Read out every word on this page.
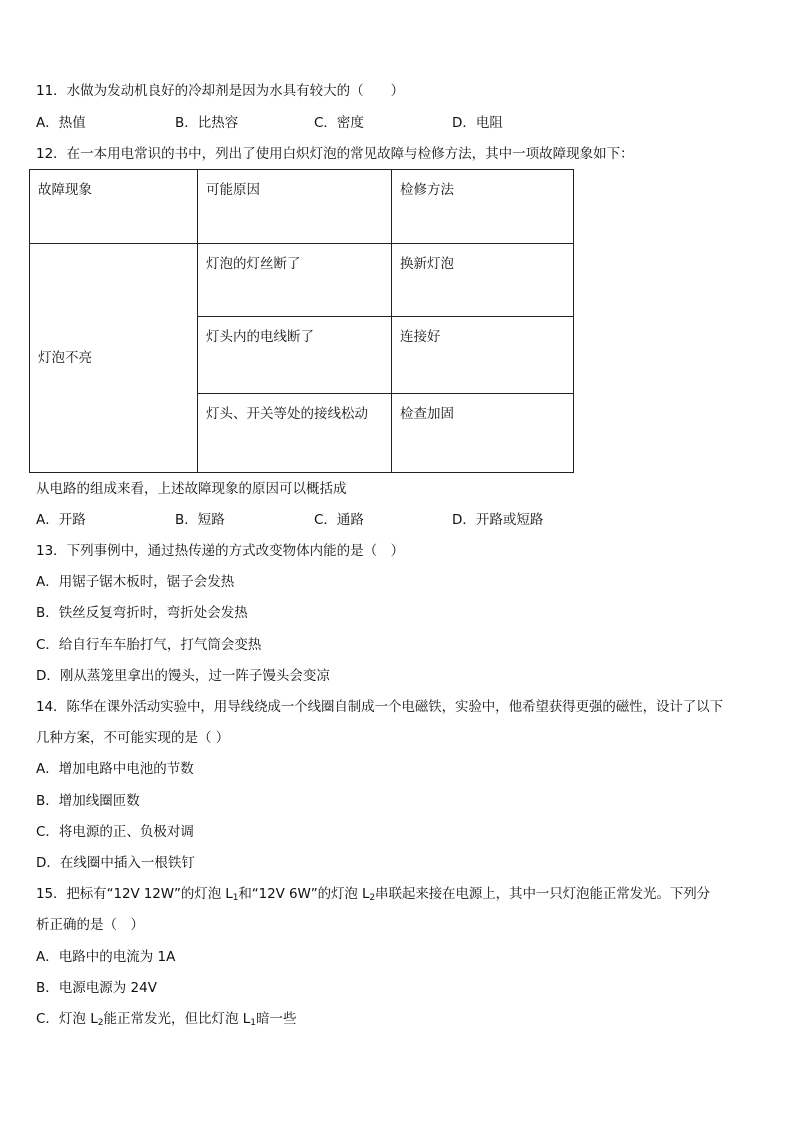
11．水做为发动机良好的冷却剂是因为水具有较大的（　　）
A．热值	B．比热容	C．密度	D．电阻
12．在一本用电常识的书中，列出了使用白炽灯泡的常见故障与检修方法，其中一项故障现象如下：
故障现象	可能原因	检修方法
灯泡不亮	灯泡的灯丝断了	换新灯泡
	灯头内的电线断了	连接好
	灯头、开关等处的接线松动	检查加固
从电路的组成来看，上述故障现象的原因可以概括成
A．开路	B．短路	C．通路	D．开路或短路
13．下列事例中，通过热传递的方式改变物体内能的是（　）
A．用锯子锯木板时，锯子会发热
B．铁丝反复弯折时，弯折处会发热
C．给自行车车胎打气，打气筒会变热
D．刚从蒸笼里拿出的馒头，过一阵子馒头会变凉
14．陈华在课外活动实验中，用导线绕成一个线圈自制成一个电磁铁，实验中，他希望获得更强的磁性，设计了以下
几种方案，不可能实现的是（ ）
A．增加电路中电池的节数
B．增加线圈匝数
C．将电源的正、负极对调
D．在线圈中插入一根铁钉
15．把标有“12V 12W”的灯泡 $L_1$和“12V 6W”的灯泡 $L_2$串联起来接在电源上，其中一只灯泡能正常发光。下列分
析正确的是（　）
A．电路中的电流为 1A
B．电源电源为 24V
C．灯泡 $L_2$能正常发光，但比灯泡 $L_1$暗一些
